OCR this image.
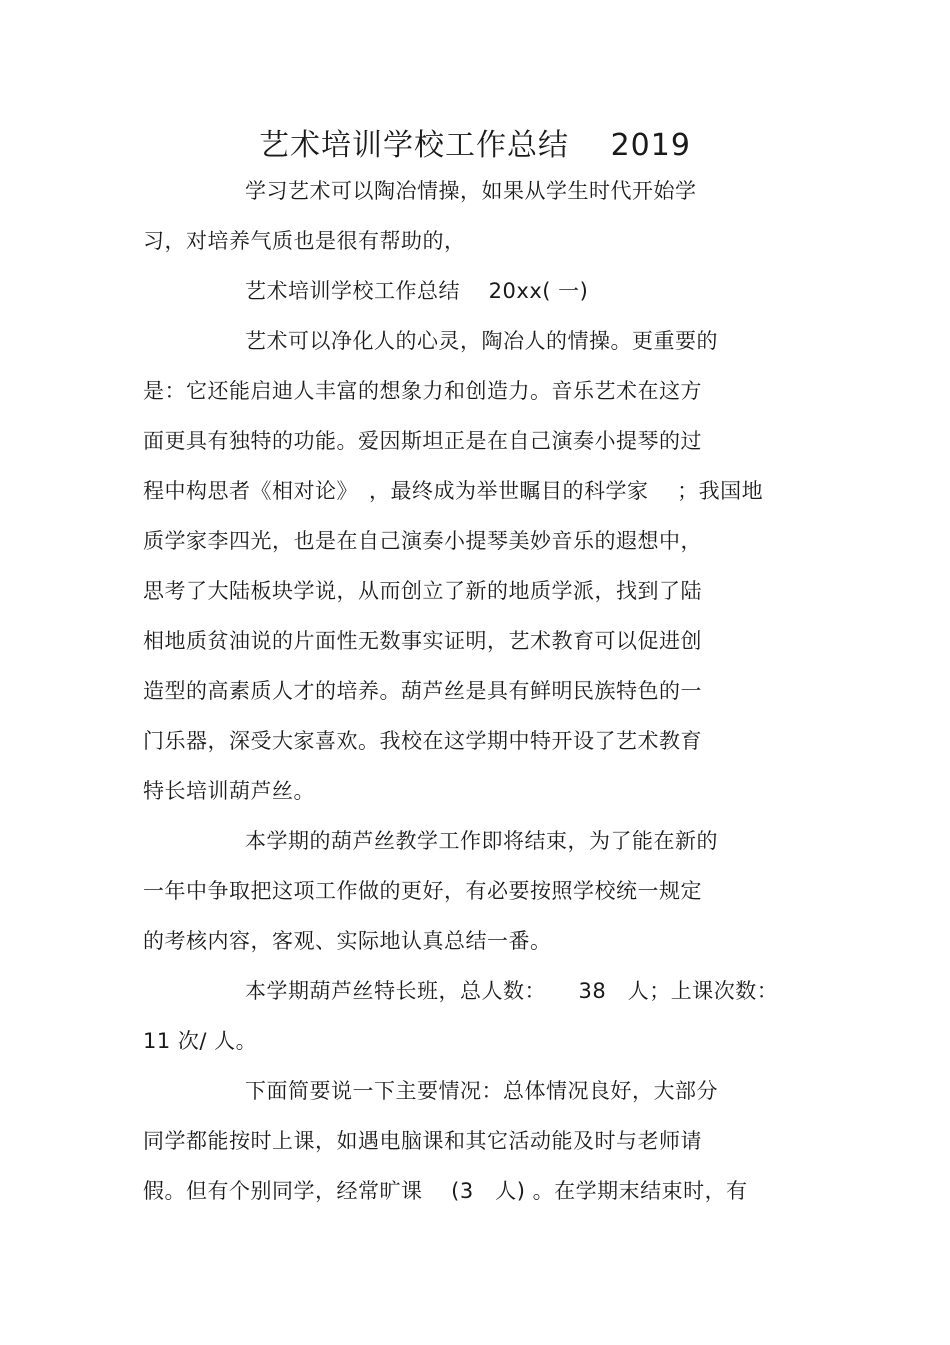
艺术培训学校工作总结　 2019
学习艺术可以陶冶情操，如果从学生时代开始学
习，对培养气质也是很有帮助的，
艺术培训学校工作总结　 20xx( 一)
艺术可以净化人的心灵，陶冶人的情操。更重要的
是：它还能启迪人丰富的想象力和创造力。音乐艺术在这方
面更具有独特的功能。爱因斯坦正是在自己演奏小提琴的过
程中构思者《相对论》　，最终成为举世瞩目的科学家　 ；我国地
质学家李四光，也是在自己演奏小提琴美妙音乐的遐想中，
思考了大陆板块学说，从而创立了新的地质学派，找到了陆
相地质贫油说的片面性无数事实证明，艺术教育可以促进创
造型的高素质人才的培养。葫芦丝是具有鲜明民族特色的一
门乐器，深受大家喜欢。我校在这学期中特开设了艺术教育
特长培训葫芦丝。
本学期的葫芦丝教学工作即将结束，为了能在新的
一年中争取把这项工作做的更好，有必要按照学校统一规定
的考核内容，客观、实际地认真总结一番。
本学期葫芦丝特长班，总人数：　　38　人；上课次数：
11 次/ 人。
下面简要说一下主要情况：总体情况良好，大部分
同学都能按时上课，如遇电脑课和其它活动能及时与老师请
假。但有个别同学，经常旷课　 (3　人) 。在学期末结束时，有
